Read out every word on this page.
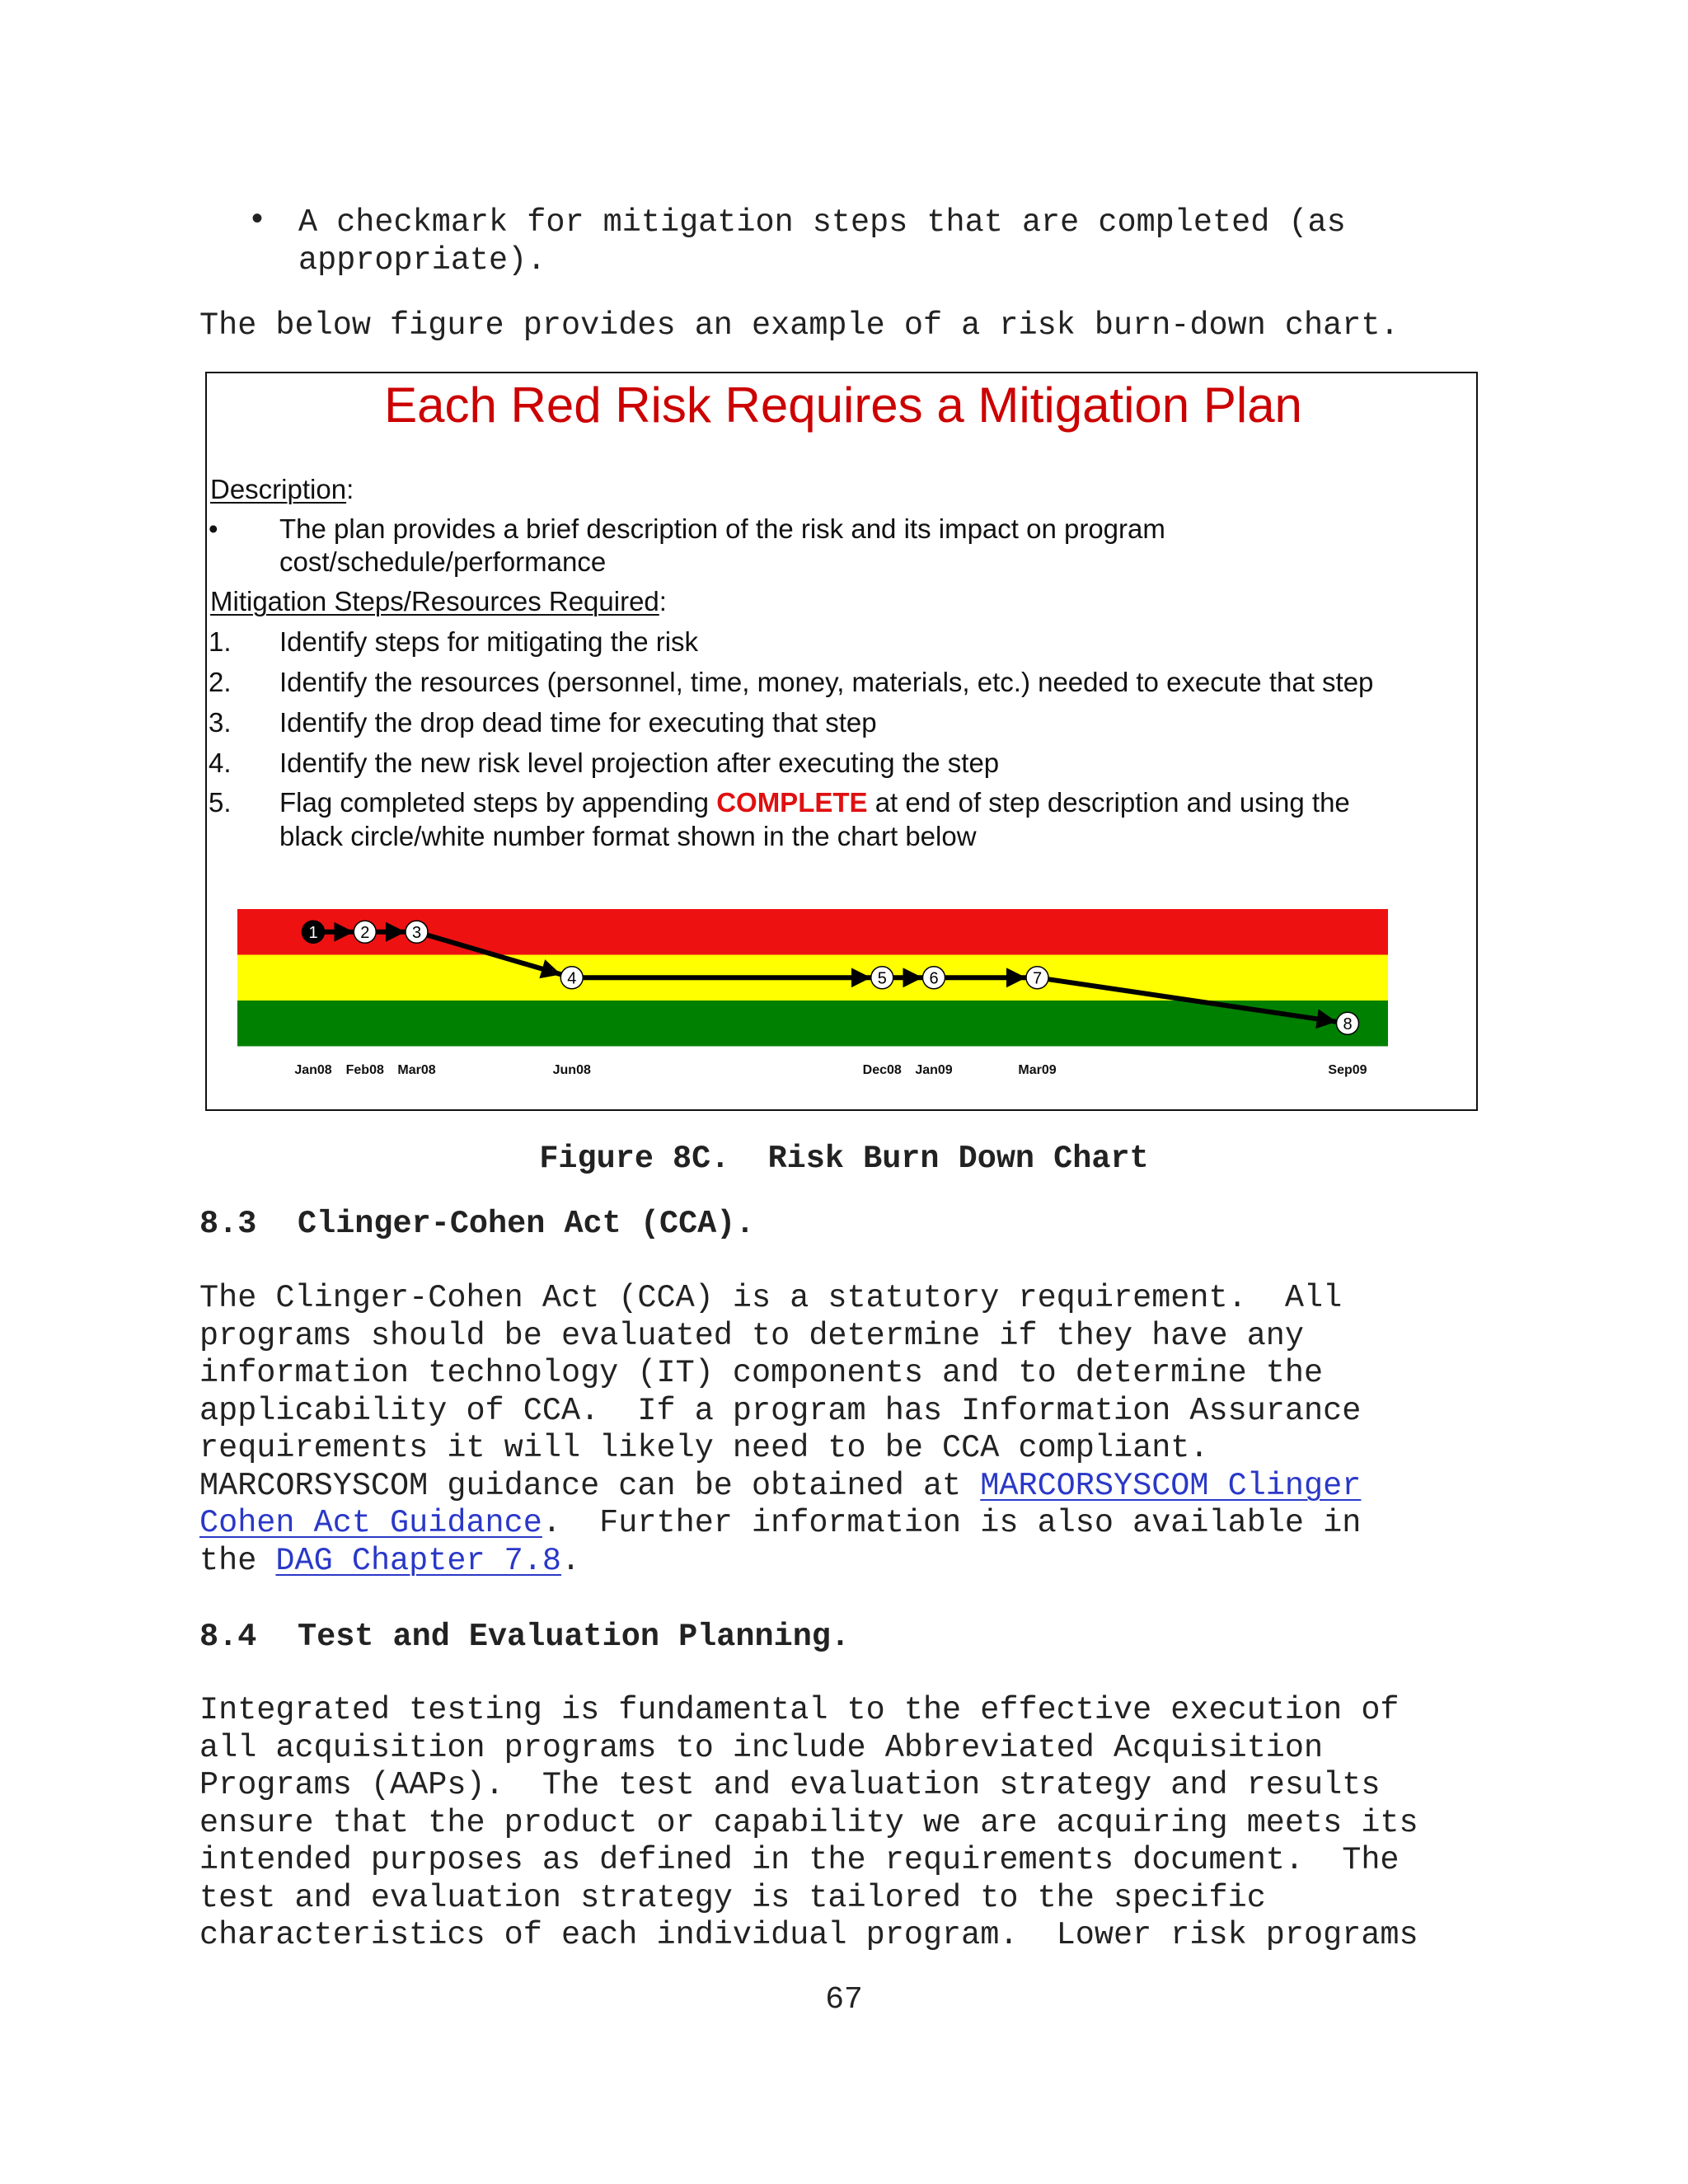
• A checkmark for mitigation steps that are completed (as
appropriate).
The below figure provides an example of a risk burn-down chart.
Each Red Risk Requires a Mitigation Plan
Description:
• The plan provides a brief description of the risk and its impact on program
cost/schedule/performance
Mitigation Steps/Resources Required:
1. Identify steps for mitigating the risk
2. Identify the resources (personnel, time, money, materials, etc.) needed to execute that step
3. Identify the drop dead time for executing that step
4. Identify the new risk level projection after executing the step
5. Flag completed steps by appending COMPLETE at end of step description and using the
black circle/white number format shown in the chart below
1	2	3
4	5	6	7
8
Jan08 Feb08 Mar08	Jun08	Dec08 Jan09	Mar09	Sep09
Figure 8C.  Risk Burn Down Chart
8.3 Clinger-Cohen Act (CCA).
The Clinger-Cohen Act (CCA) is a statutory requirement.  All
programs should be evaluated to determine if they have any
information technology (IT) components and to determine the
applicability of CCA.  If a program has Information Assurance
requirements it will likely need to be CCA compliant.
MARCORSYSCOM guidance can be obtained at MARCORSYSCOM Clinger
Cohen Act Guidance.  Further information is also available in
the DAG Chapter 7.8.
8.4 Test and Evaluation Planning.
Integrated testing is fundamental to the effective execution of
all acquisition programs to include Abbreviated Acquisition
Programs (AAPs).  The test and evaluation strategy and results
ensure that the product or capability we are acquiring meets its
intended purposes as defined in the requirements document.  The
test and evaluation strategy is tailored to the specific
characteristics of each individual program.  Lower risk programs
67
